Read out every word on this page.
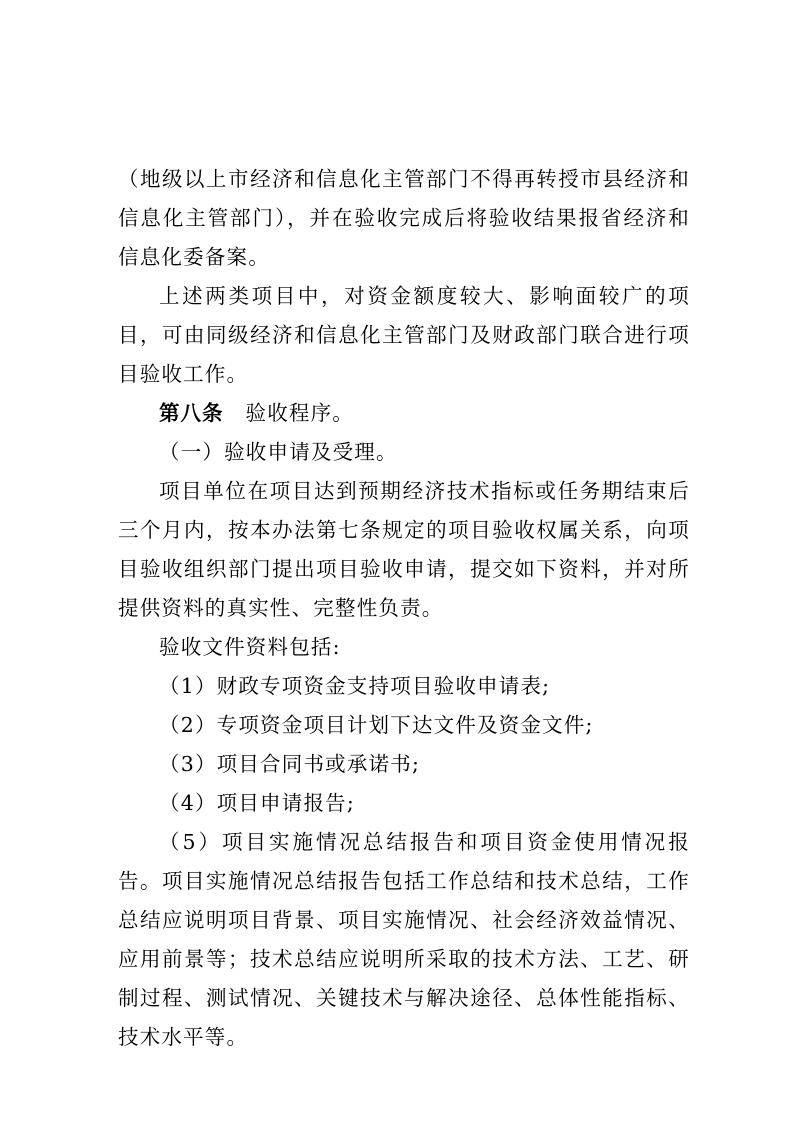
（地级以上市经济和信息化主管部门不得再转授市县经济和信息化主管部门），并在验收完成后将验收结果报省经济和信息化委备案。

上述两类项目中，对资金额度较大、影响面较广的项目，可由同级经济和信息化主管部门及财政部门联合进行项目验收工作。

第八条 验收程序。

（一）验收申请及受理。

项目单位在项目达到预期经济技术指标或任务期结束后三个月内，按本办法第七条规定的项目验收权属关系，向项目验收组织部门提出项目验收申请，提交如下资料，并对所提供资料的真实性、完整性负责。

验收文件资料包括:

（1）财政专项资金支持项目验收申请表;

（2）专项资金项目计划下达文件及资金文件;

（3）项目合同书或承诺书;

（4）项目申请报告;

（5）项目实施情况总结报告和项目资金使用情况报告。项目实施情况总结报告包括工作总结和技术总结，工作总结应说明项目背景、项目实施情况、社会经济效益情况、应用前景等；技术总结应说明所采取的技术方法、工艺、研制过程、测试情况、关键技术与解决途径、总体性能指标、技术水平等。
